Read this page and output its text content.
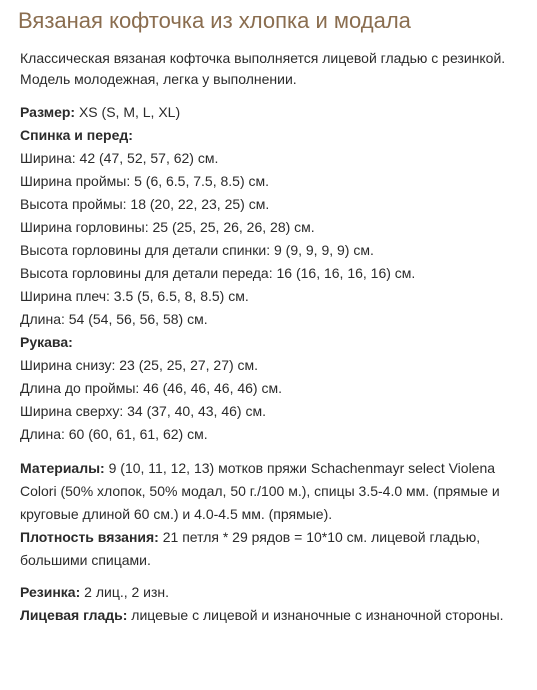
Вязаная кофточка из хлопка и модала
Классическая вязаная кофточка выполняется лицевой гладью с резинкой.
Модель молодежная, легка у выполнении.
Размер: XS (S, M, L, XL)
Спинка и перед:
Ширина: 42 (47, 52, 57, 62) см.
Ширина проймы: 5 (6, 6.5, 7.5, 8.5) см.
Высота проймы: 18 (20, 22, 23, 25) см.
Ширина горловины: 25 (25, 25, 26, 26, 28) см.
Высота горловины для детали спинки: 9 (9, 9, 9, 9) см.
Высота горловины для детали переда: 16 (16, 16, 16, 16) см.
Ширина плеч: 3.5 (5, 6.5, 8, 8.5) см.
Длина: 54 (54, 56, 56, 58) см.
Рукава:
Ширина снизу: 23 (25, 25, 27, 27) см.
Длина до проймы: 46 (46, 46, 46, 46) см.
Ширина сверху: 34 (37, 40, 43, 46) см.
Длина: 60 (60, 61, 61, 62) см.
Материалы: 9 (10, 11, 12, 13) мотков пряжи Schachenmayr select Violena Colori (50% хлопок, 50% модал, 50 г./100 м.), спицы 3.5-4.0 мм. (прямые и круговые длиной 60 см.) и 4.0-4.5 мм. (прямые).
Плотность вязания: 21 петля * 29 рядов = 10*10 см. лицевой гладью, большими спицами.
Резинка: 2 лиц., 2 изн.
Лицевая гладь: лицевые с лицевой и изнаночные с изнаночной стороны.
